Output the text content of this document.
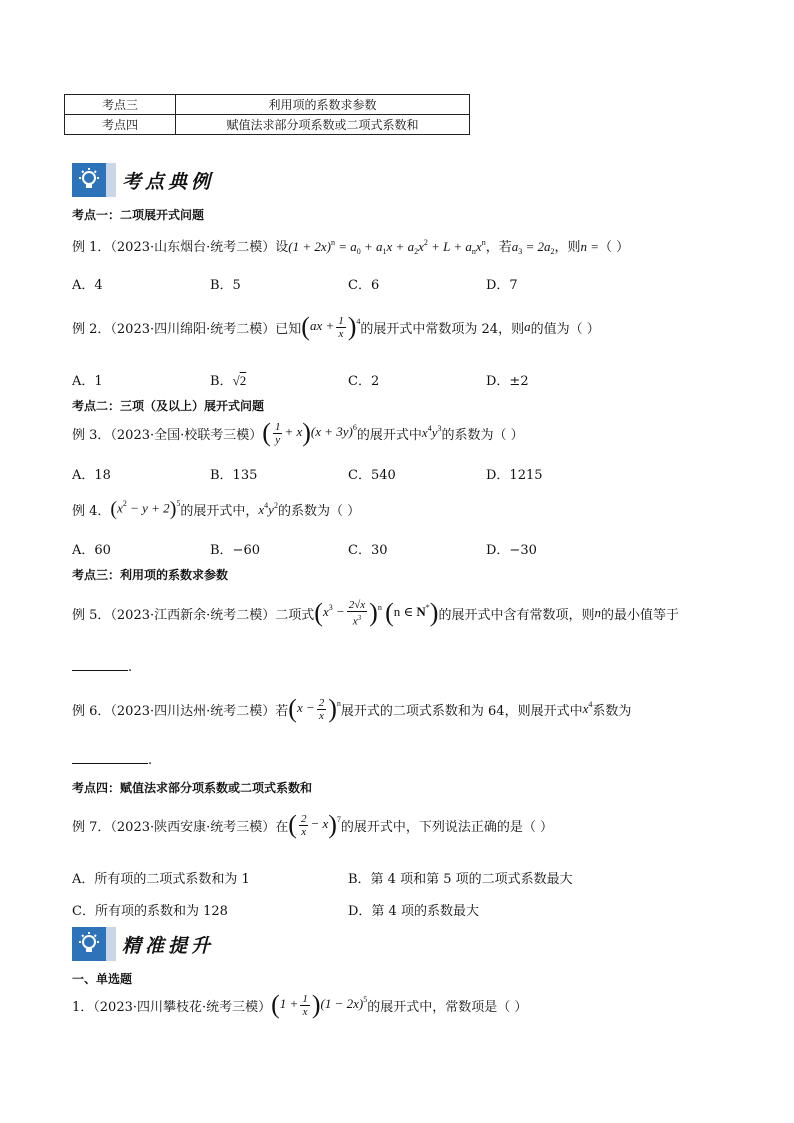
考点三	利用项的系数求参数
考点四	赋值法求部分项系数或二项式系数和
考点典例
考点一：二项展开式问题
例 1．（2023·山东烟台·统考二模）设$(1 + 2x)^n = a_0 + a_1x + a_2x^2 + L + a_nx^n$，若$a_3 = 2a_2$，则n =（ ）
A．4	B．5	C．6	D．7
例 2．（2023·四川绵阳·统考二模）已知 $(ax + \frac{1}{x} )^4$
的展开式中常数项为 24，则 a 的值为（ ）
A．1	B．√2	C．2	D．±2
考点二：三项（及以上）展开式问题
例 3．（2023·全国·校联考三模） ( $\frac{1}{y} + x)(x + 3y)^6$
的展开式中 $x^4y^3$ 的系数为（ ）
A．18	B．135	C．540	D．1215
例 4． $(x^2 - y + 2)^5$
的展开式中， $x^4y^2$ 的系数为（ ）
A．60	B．−60	C．30	D．−30
考点三：利用项的系数求参数
例 5．（2023·江西新余·统考二模）二项式 $(x^3 - \frac{2√x}{x^3} )^n$ (n ∈ N*) 的展开式中含有常数项，则 n 的最小值等于
.
例 6．（2023·四川达州·统考二模）若 $(x - \frac{2}{x} )^n$
展开式的二项式系数和为 64，则展开式中 $x^4$ 系数为
.
考点四：赋值法求部分项系数或二项式系数和
例 7．（2023·陕西安康·统考三模）在 ( $\frac{2}{x} - x)^7$
的展开式中，下列说法正确的是（ ）
A．所有项的二项式系数和为 1	B．第 4 项和第 5 项的二项式系数最大
C．所有项的系数和为 128	D．第 4 项的系数最大
精准提升
一、单选题
1．（2023·四川攀枝花·统考三模） $(1 + \frac{1}{x} )(1 - 2x)^5$
的展开式中，常数项是（ ）
